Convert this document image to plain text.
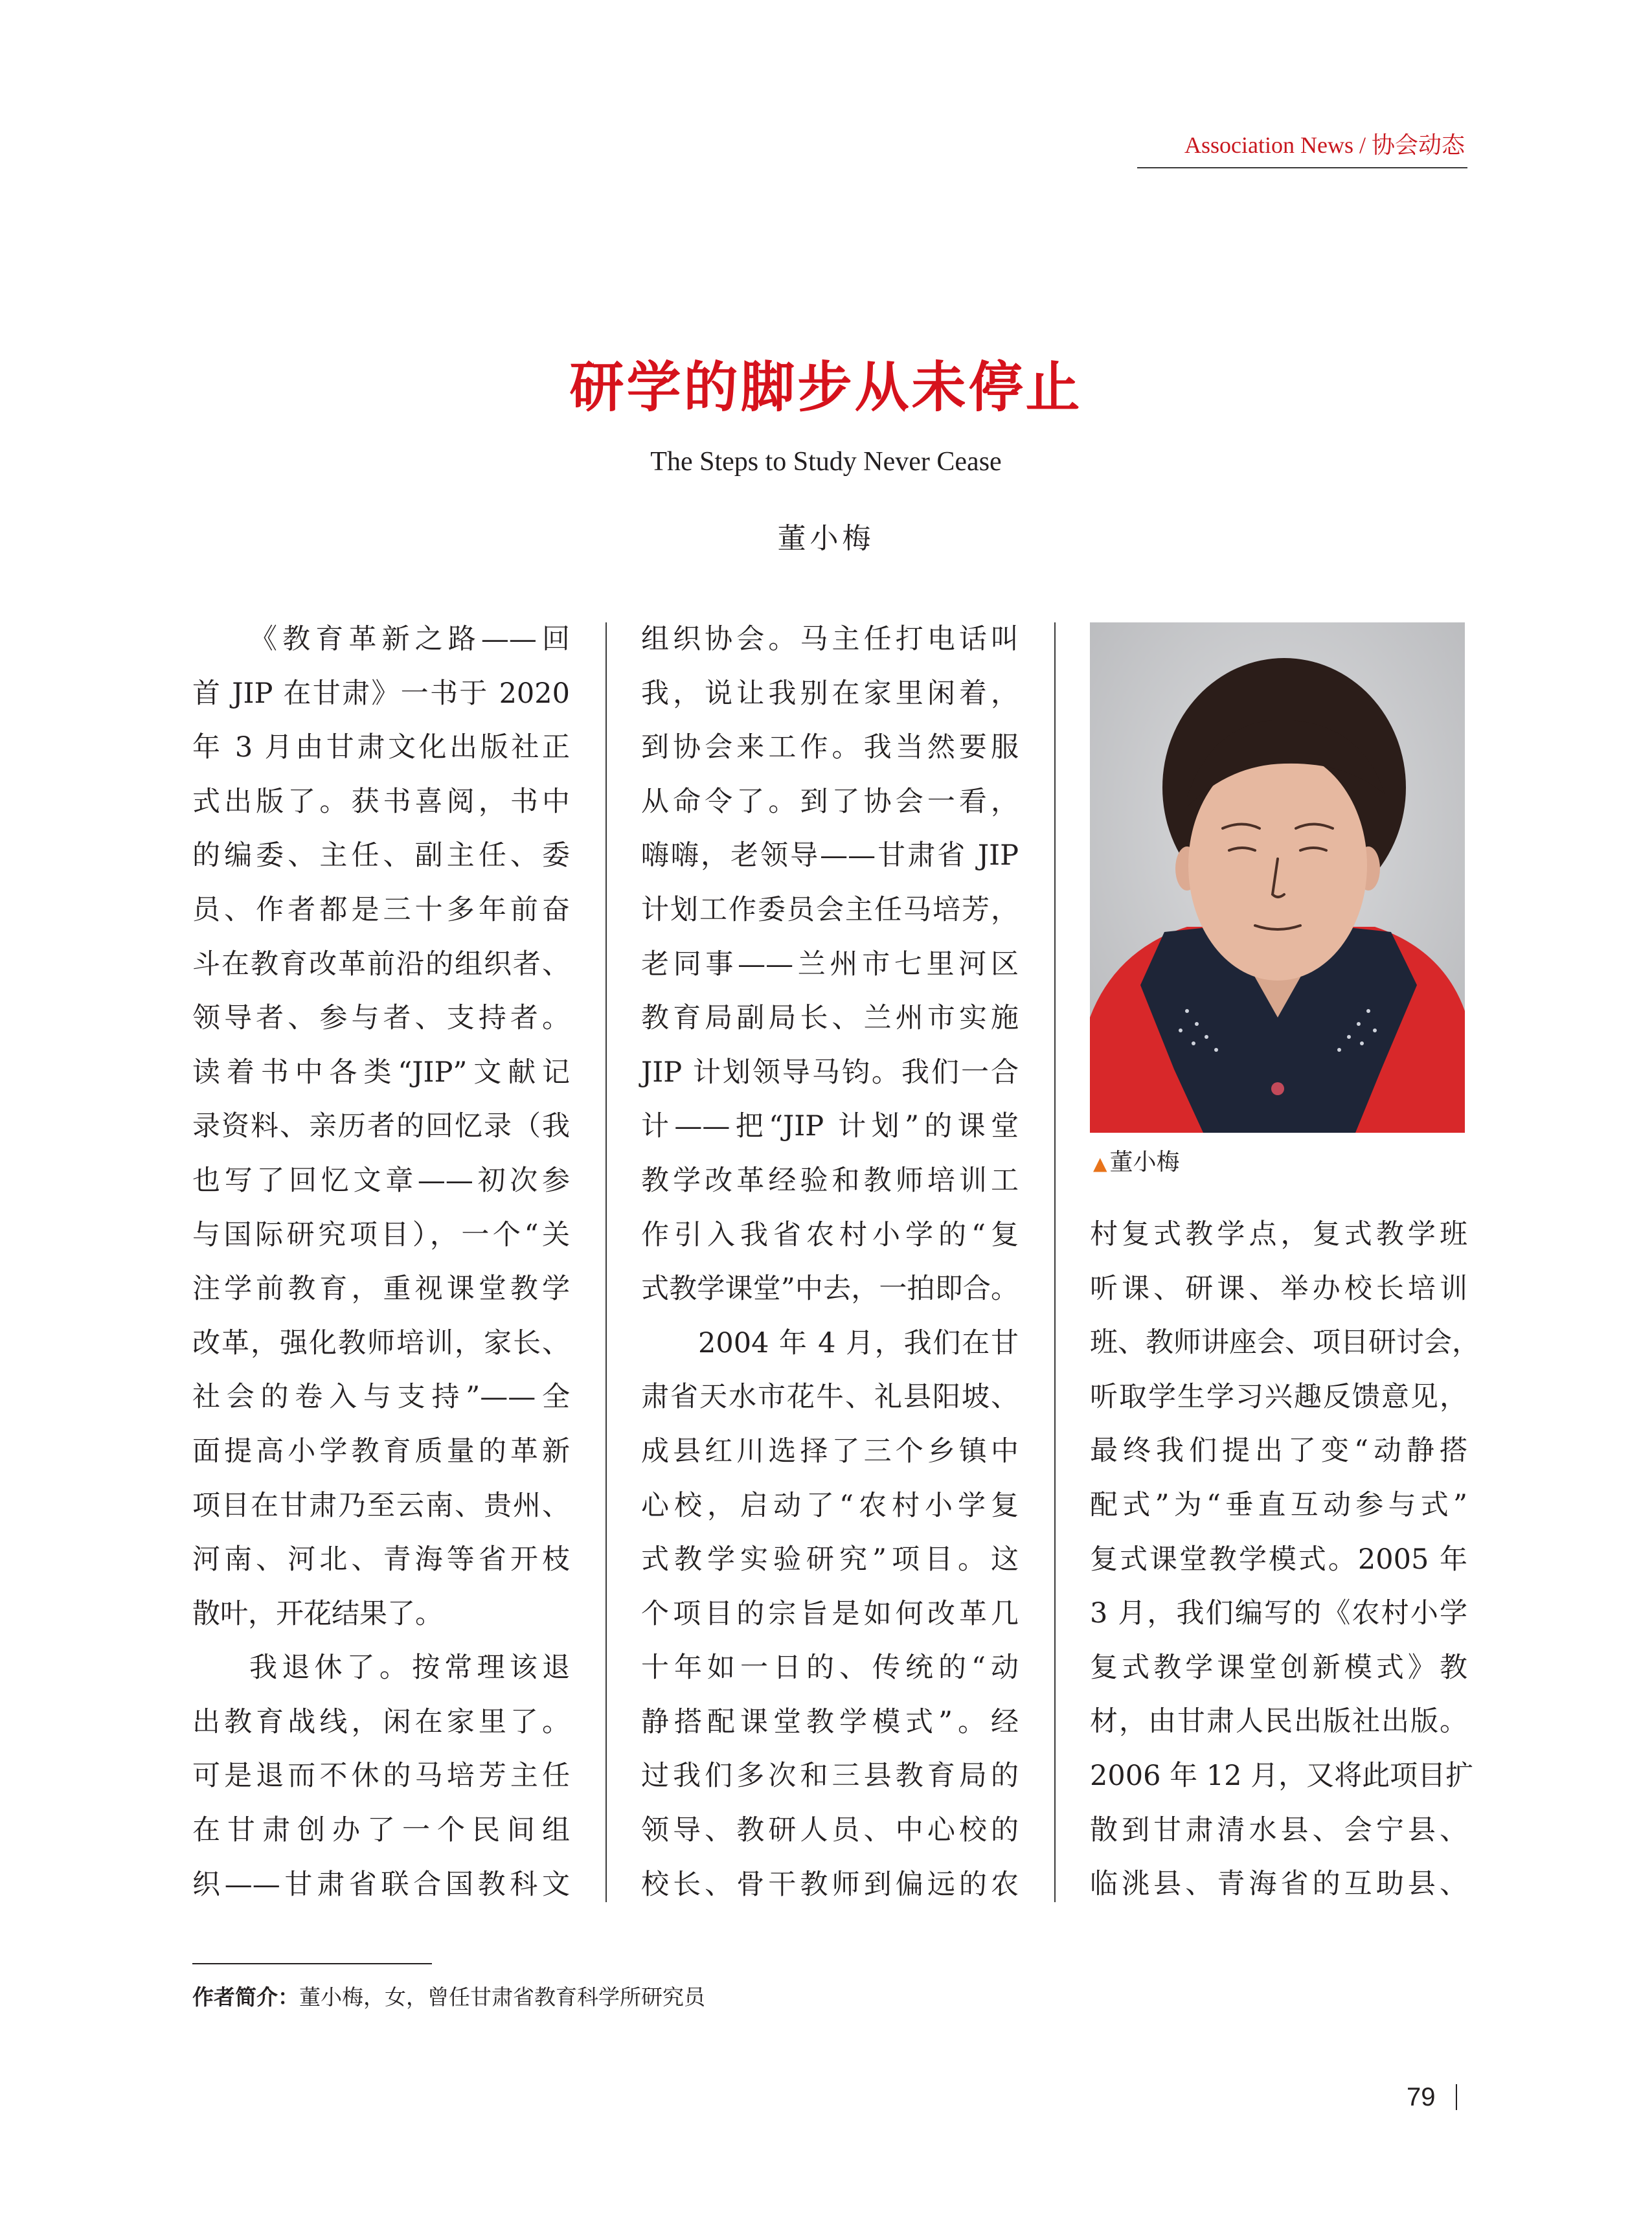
Association News / 协会动态
研学的脚步从未停止
The Steps to Study Never Cease
董小梅
《教育革新之路——回
首 JIP 在甘肃》一书于 2020
年 3 月由甘肃文化出版社正
式出版了。获书喜阅，书中
的编委、主任、副主任、委
员、作者都是三十多年前奋
斗在教育改革前沿的组织者、
领导者、参与者、支持者。
读着书中各类“JIP”文献记
录资料、亲历者的回忆录（我
也写了回忆文章——初次参
与国际研究项目），一个“关
注学前教育，重视课堂教学
改革，强化教师培训，家长、
社会的卷入与支持”——全
面提高小学教育质量的革新
项目在甘肃乃至云南、贵州、
河南、河北、青海等省开枝
散叶，开花结果了。
我退休了。按常理该退
出教育战线，闲在家里了。
可是退而不休的马培芳主任
在甘肃创办了一个民间组
织——甘肃省联合国教科文
组织协会。马主任打电话叫
我，说让我别在家里闲着，
到协会来工作。我当然要服
从命令了。到了协会一看，
嗨嗨，老领导——甘肃省 JIP
计划工作委员会主任马培芳，
老同事——兰州市七里河区
教育局副局长、兰州市实施
JIP 计划领导马钧。我们一合
计——把“JIP 计划”的课堂
教学改革经验和教师培训工
作引入我省农村小学的“复
式教学课堂”中去，一拍即合。
2004 年 4 月，我们在甘
肃省天水市花牛、礼县阳坡、
成县红川选择了三个乡镇中
心校，启动了“农村小学复
式教学实验研究”项目。这
个项目的宗旨是如何改革几
十年如一日的、传统的“动
静搭配课堂教学模式”。经
过我们多次和三县教育局的
领导、教研人员、中心校的
校长、骨干教师到偏远的农
▲ 董小梅
村复式教学点，复式教学班
听课、研课、举办校长培训
班、教师讲座会、项目研讨会，
听取学生学习兴趣反馈意见，
最终我们提出了变“动静搭
配式”为“垂直互动参与式”
复式课堂教学模式。2005 年
3 月，我们编写的《农村小学
复式教学课堂创新模式》教
材，由甘肃人民出版社出版。
2006 年 12 月，又将此项目扩
散到甘肃清水县、会宁县、
临洮县、青海省的互助县、
作者简介：董小梅，女，曾任甘肃省教育科学所研究员
79
